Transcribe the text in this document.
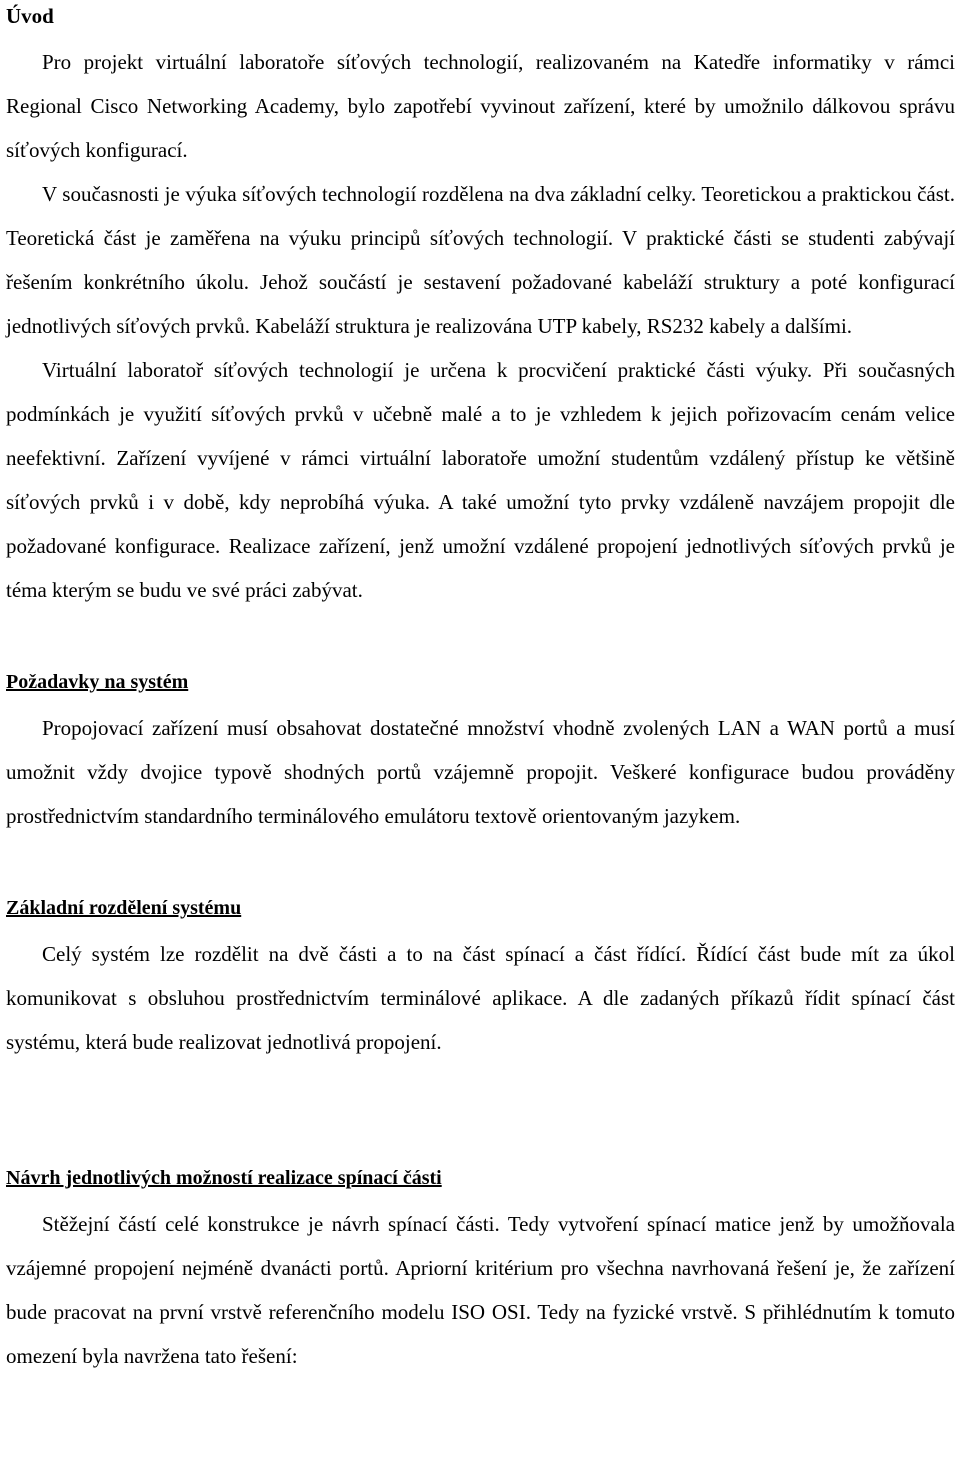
Úvod

Pro projekt virtuální laboratoře síťových technologií, realizovaném na Katedře informatiky v rámci Regional Cisco Networking Academy, bylo zapotřebí vyvinout zařízení, které by umožnilo dálkovou správu síťových konfigurací.

V současnosti je výuka síťových technologií rozdělena na dva základní celky. Teoretickou a praktickou část. Teoretická část je zaměřena na výuku principů síťových technologií. V praktické části se studenti zabývají řešením konkrétního úkolu. Jehož součástí je sestavení požadované kabeláží struktury a poté konfigurací jednotlivých síťových prvků. Kabeláží struktura je realizována UTP kabely, RS232 kabely a dalšími.

Virtuální laboratoř síťových technologií je určena k procvičení praktické části výuky. Při současných podmínkách je využití síťových prvků v učebně malé a to je vzhledem k jejich pořizovacím cenám velice neefektivní. Zařízení vyvíjené v rámci virtuální laboratoře umožní studentům vzdálený přístup ke většině síťových prvků i v době, kdy neprobíhá výuka. A také umožní tyto prvky vzdáleně navzájem propojit dle požadované konfigurace. Realizace zařízení, jenž umožní vzdálené propojení jednotlivých síťových prvků je téma kterým se budu ve své práci zabývat.

Požadavky na systém

Propojovací zařízení musí obsahovat dostatečné množství vhodně zvolených LAN a WAN portů a musí umožnit vždy dvojice typově shodných portů vzájemně propojit. Veškeré konfigurace budou prováděny prostřednictvím standardního terminálového emulátoru textově orientovaným jazykem.

Základní rozdělení systému

Celý systém lze rozdělit na dvě části a to na část spínací a část řídící. Řídící část bude mít za úkol komunikovat s obsluhou prostřednictvím terminálové aplikace. A dle zadaných příkazů řídit spínací část systému, která bude realizovat jednotlivá propojení.

Návrh jednotlivých možností realizace spínací části

Stěžejní částí celé konstrukce je návrh spínací části. Tedy vytvoření spínací matice jenž by umožňovala vzájemné propojení nejméně dvanácti portů. Apriorní kritérium pro všechna navrhovaná řešení je, že zařízení bude pracovat na první vrstvě referenčního modelu ISO OSI. Tedy na fyzické vrstvě. S přihlédnutím k tomuto omezení byla navržena tato řešení:
